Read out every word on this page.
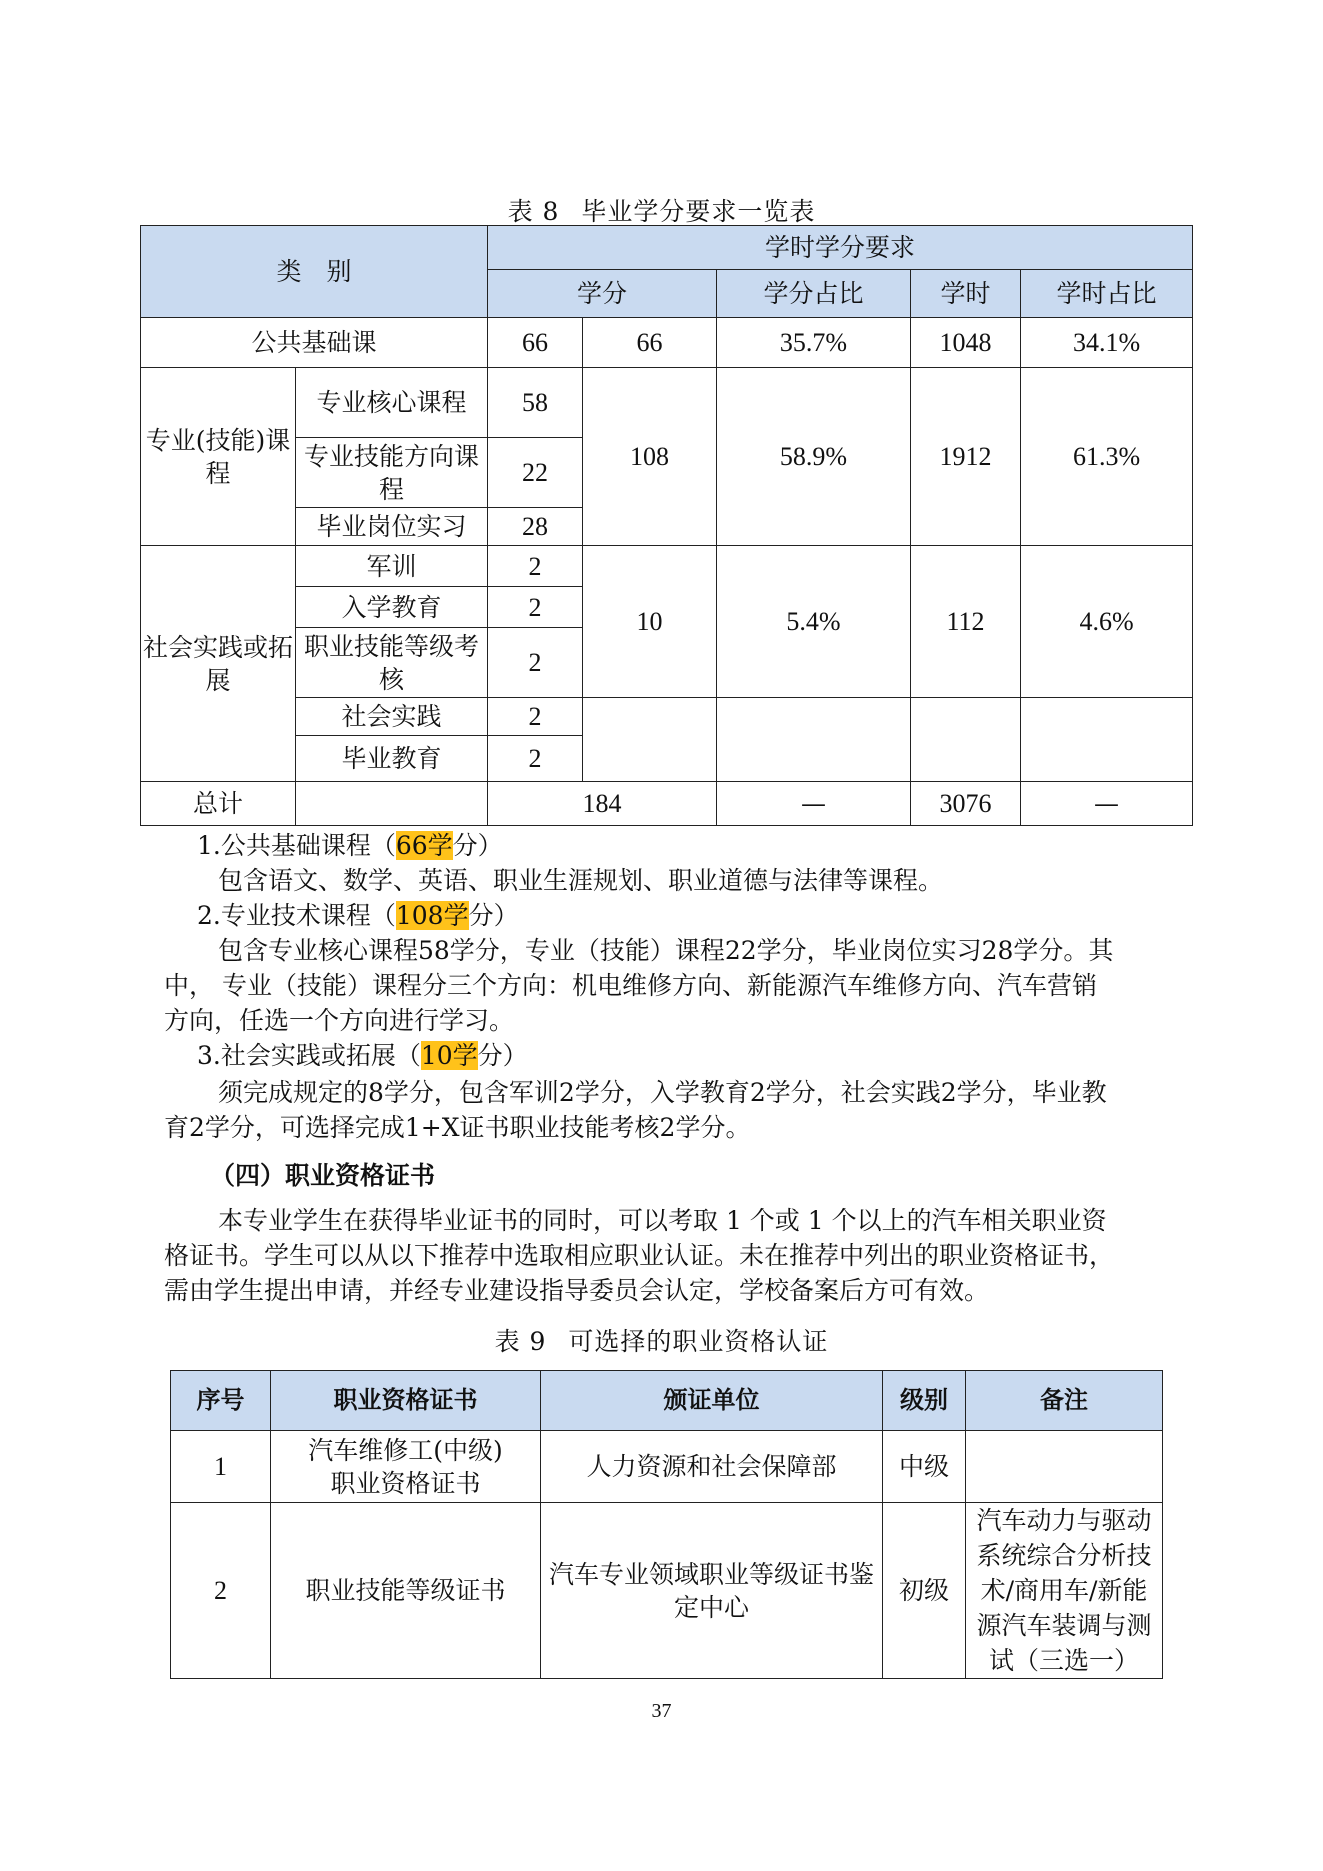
表 8 毕业学分要求一览表
类　别		学时学分要求				
		学分		学分占比	学时	学时占比
公共基础课		66	66	35.7%	1048	34.1%
专业(技能)课程	专业核心课程	58	108	58.9%	1912	61.3%
	专业技能方向课程	22				
	毕业岗位实习	28				
社会实践或拓展	军训	2	10	5.4%	112	4.6%
	入学教育	2				
	职业技能等级考核	2				
	社会实践	2				
	毕业教育	2				
总计		184		—	3076	—
1.公共基础课程（66学分）
包含语文、数学、英语、职业生涯规划、职业道德与法律等课程。
2.专业技术课程（108学分）
包含专业核心课程58学分，专业（技能）课程22学分，毕业岗位实习28学分。其
中， 专业（技能）课程分三个方向：机电维修方向、新能源汽车维修方向、汽车营销
方向，任选一个方向进行学习。
3.社会实践或拓展（10学分）
须完成规定的8学分，包含军训2学分，入学教育2学分，社会实践2学分，毕业教
育2学分，可选择完成1+X证书职业技能考核2学分。
（四）职业资格证书
本专业学生在获得毕业证书的同时，可以考取 1 个或 1 个以上的汽车相关职业资
格证书。学生可以从以下推荐中选取相应职业认证。未在推荐中列出的职业资格证书，
需由学生提出申请，并经专业建设指导委员会认定，学校备案后方可有效。
表 9 可选择的职业资格认证
序号	职业资格证书	颁证单位	级别	备注
1	汽车维修工(中级)职业资格证书	人力资源和社会保障部	中级	
2	职业技能等级证书	汽车专业领域职业等级证书鉴定中心	初级	汽车动力与驱动系统综合分析技术/商用车/新能源汽车装调与测试（三选一）
37
